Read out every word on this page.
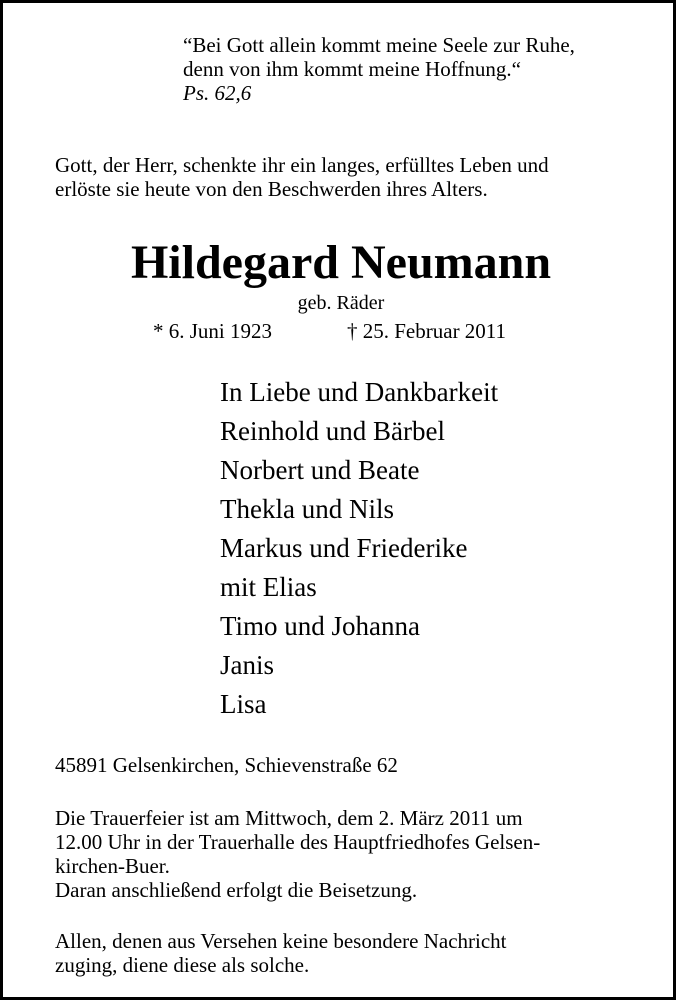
“Bei Gott allein kommt meine Seele zur Ruhe,
denn von ihm kommt meine Hoffnung.“
Ps. 62,6
Gott, der Herr, schenkte ihr ein langes, erfülltes Leben und
erlöste sie heute von den Beschwerden ihres Alters.
Hildegard Neumann
geb. Räder
* 6. Juni 1923	† 25. Februar 2011
In Liebe und Dankbarkeit
Reinhold und Bärbel
Norbert und Beate
Thekla und Nils
Markus und Friederike
mit Elias
Timo und Johanna
Janis
Lisa
45891 Gelsenkirchen, Schievenstraße 62
Die Trauerfeier ist am Mittwoch, dem 2. März 2011 um
12.00 Uhr in der Trauerhalle des Hauptfriedhofes Gelsen-
kirchen-Buer.
Daran anschließend erfolgt die Beisetzung.
Allen, denen aus Versehen keine besondere Nachricht
zuging, diene diese als solche.
